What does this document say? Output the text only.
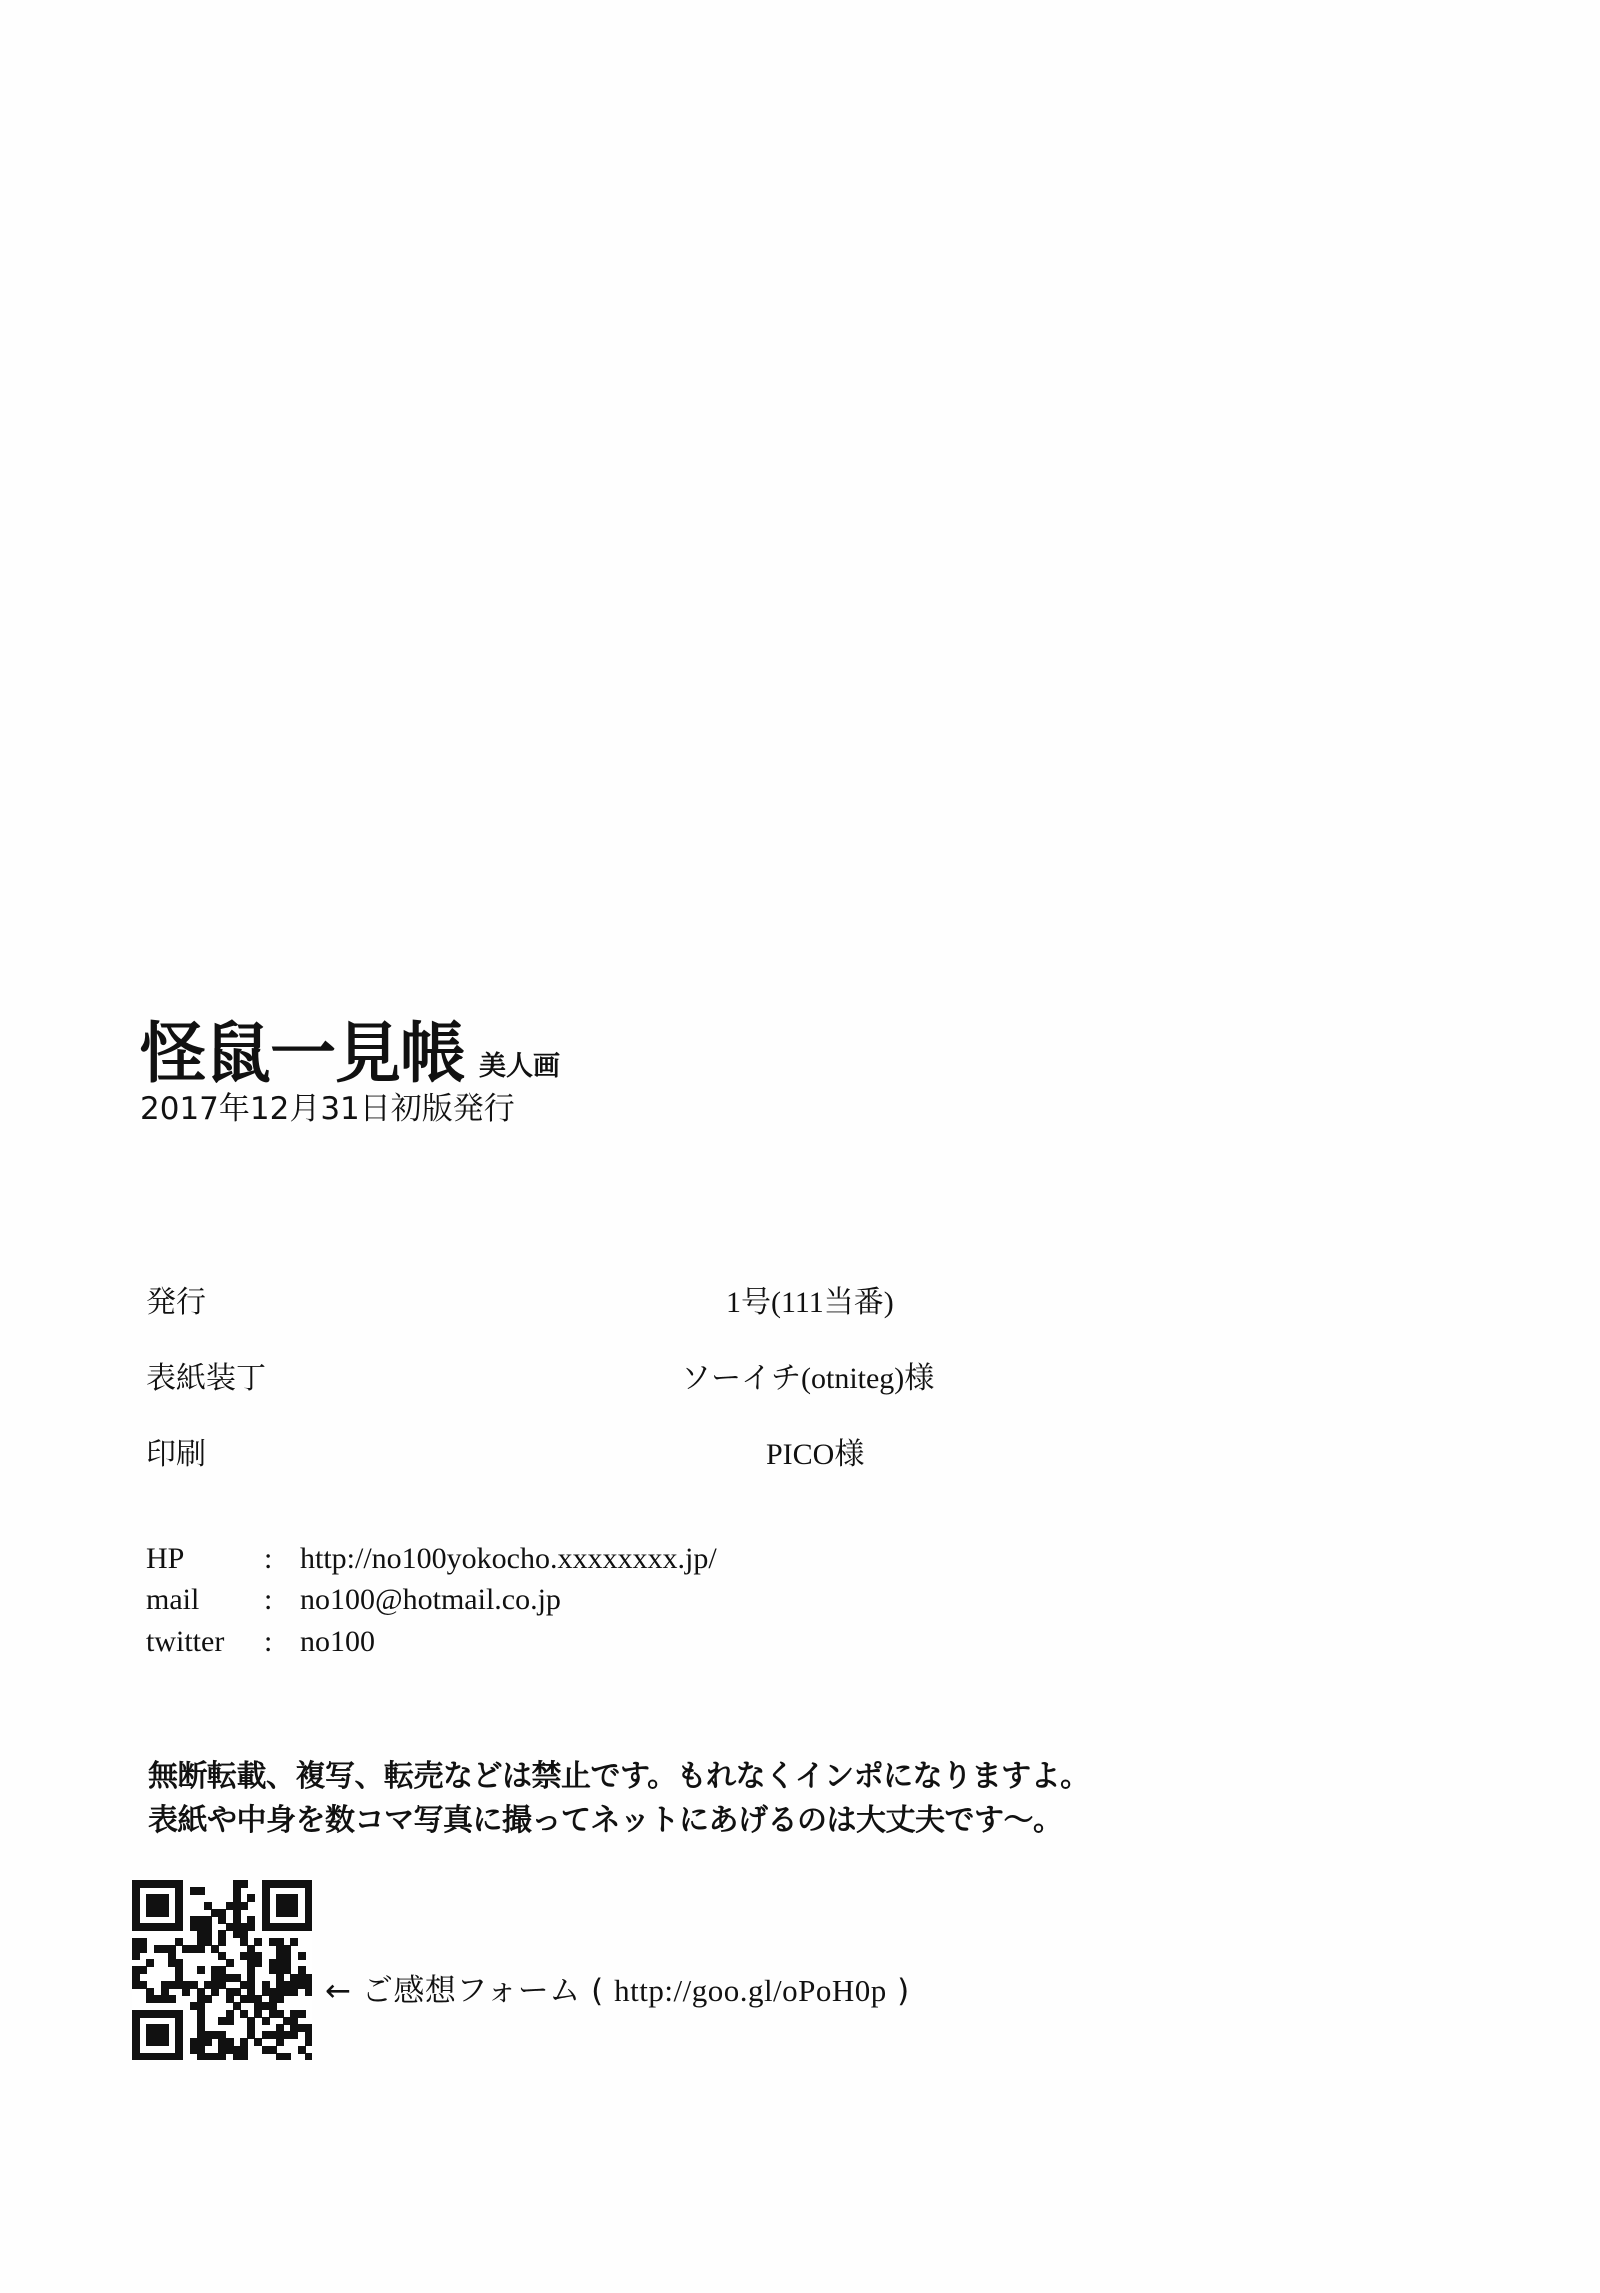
怪鼠一見帳 美人画
2017年12月31日初版発行
発行	1号(111当番)
表紙装丁	ソーイチ(otniteg)様
印刷	PICO様
HP	: http://no100yokocho.xxxxxxxx.jp/
mail	: no100@hotmail.co.jp
twitter	: no100
無断転載、複写、転売などは禁止です。もれなくインポになりますよ。
表紙や中身を数コマ写真に撮ってネットにあげるのは大丈夫です〜。
← ご感想フォーム ( http://goo.gl/oPoH0p )
